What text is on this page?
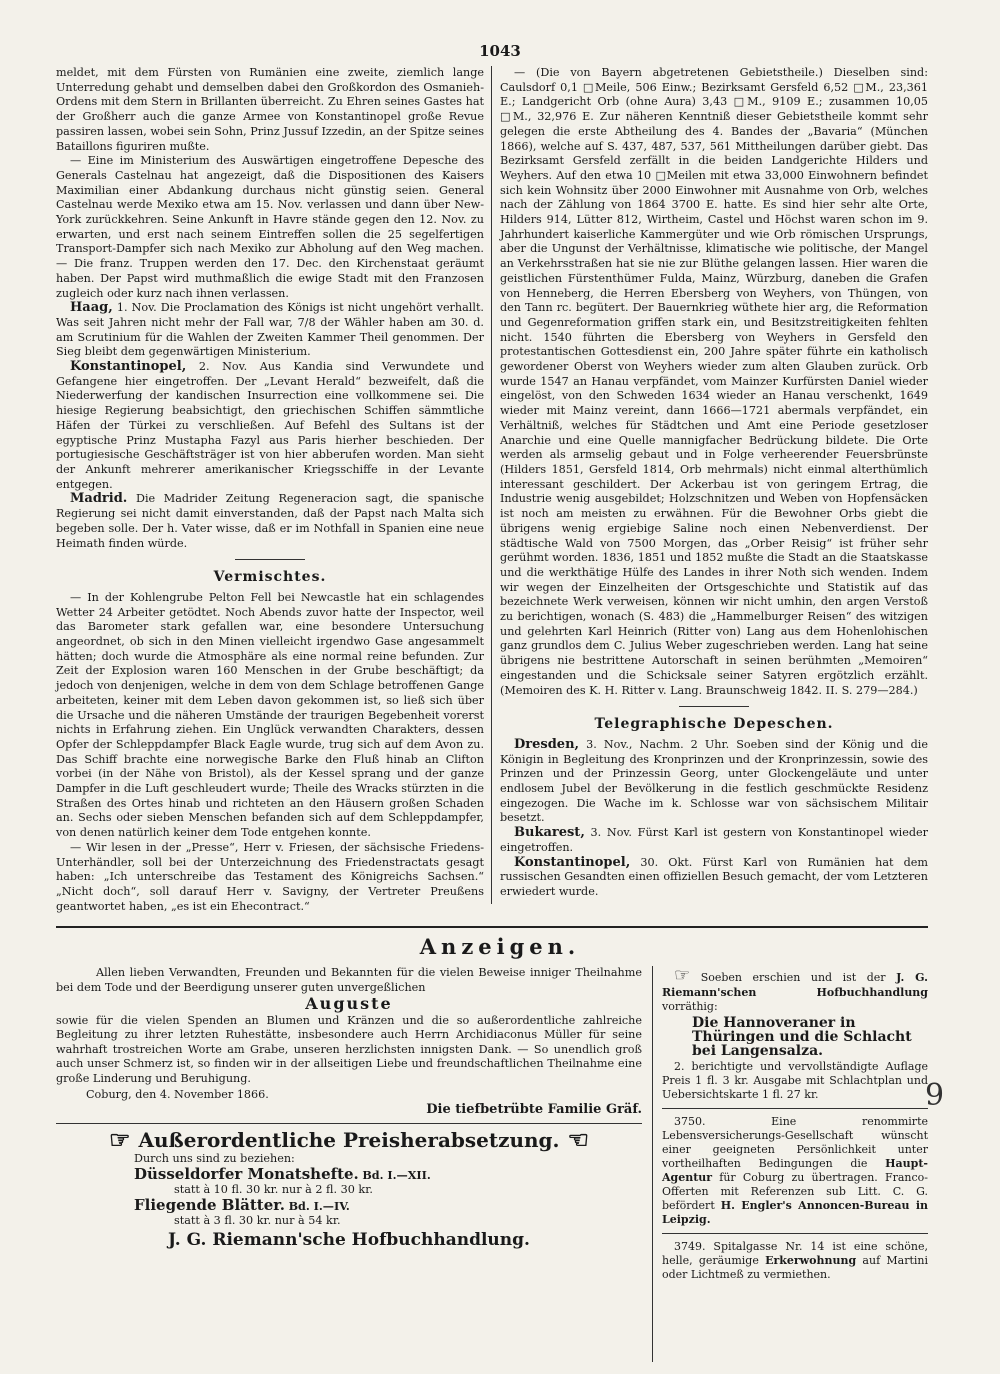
1043

meldet, mit dem Fürsten von Rumänien eine zweite, ziemlich lange Unterredung gehabt und demselben dabei den Großkordon des Osmanieh-Ordens mit dem Stern in Brillanten überreicht. Zu Ehren seines Gastes hat der Großherr auch die ganze Armee von Konstantinopel große Revue passiren lassen, wobei sein Sohn, Prinz Jussuf Izzedin, an der Spitze seines Bataillons figuriren mußte.

— Eine im Ministerium des Auswärtigen eingetroffene Depesche des Generals Castelnau hat angezeigt, daß die Dispositionen des Kaisers Maximilian einer Abdankung durchaus nicht günstig seien. General Castelnau werde Mexiko etwa am 15. Nov. verlassen und dann über New-York zurückkehren. Seine Ankunft in Havre stände gegen den 12. Nov. zu erwarten, und erst nach seinem Eintreffen sollen die 25 segelfertigen Transport-Dampfer sich nach Mexiko zur Abholung auf den Weg machen. — Die franz. Truppen werden den 17. Dec. den Kirchenstaat geräumt haben. Der Papst wird muthmaßlich die ewige Stadt mit den Franzosen zugleich oder kurz nach ihnen verlassen.

Haag, 1. Nov. Die Proclamation des Königs ist nicht ungehört verhallt. Was seit Jahren nicht mehr der Fall war, 7/8 der Wähler haben am 30. d. am Scrutinium für die Wahlen der Zweiten Kammer Theil genommen. Der Sieg bleibt dem gegenwärtigen Ministerium.

Konstantinopel, 2. Nov. Aus Kandia sind Verwundete und Gefangene hier eingetroffen. Der „Levant Herald“ bezweifelt, daß die Niederwerfung der kandischen Insurrection eine vollkommene sei. Die hiesige Regierung beabsichtigt, den griechischen Schiffen sämmtliche Häfen der Türkei zu verschließen. Auf Befehl des Sultans ist der egyptische Prinz Mustapha Fazyl aus Paris hierher beschieden. Der portugiesische Geschäftsträger ist von hier abberufen worden. Man sieht der Ankunft mehrerer amerikanischer Kriegsschiffe in der Levante entgegen.

Madrid. Die Madrider Zeitung Regeneracion sagt, die spanische Regierung sei nicht damit einverstanden, daß der Papst nach Malta sich begeben solle. Der h. Vater wisse, daß er im Nothfall in Spanien eine neue Heimath finden würde.

Vermischtes.

— In der Kohlengrube Pelton Fell bei Newcastle hat ein schlagendes Wetter 24 Arbeiter getödtet. Noch Abends zuvor hatte der Inspector, weil das Barometer stark gefallen war, eine besondere Untersuchung angeordnet, ob sich in den Minen vielleicht irgendwo Gase angesammelt hätten; doch wurde die Atmosphäre als eine normal reine befunden. Zur Zeit der Explosion waren 160 Menschen in der Grube beschäftigt; da jedoch von denjenigen, welche in dem von dem Schlage betroffenen Gange arbeiteten, keiner mit dem Leben davon gekommen ist, so ließ sich über die Ursache und die näheren Umstände der traurigen Begebenheit vorerst nichts in Erfahrung ziehen. Ein Unglück verwandten Charakters, dessen Opfer der Schleppdampfer Black Eagle wurde, trug sich auf dem Avon zu. Das Schiff brachte eine norwegische Barke den Fluß hinab an Clifton vorbei (in der Nähe von Bristol), als der Kessel sprang und der ganze Dampfer in die Luft geschleudert wurde; Theile des Wracks stürzten in die Straßen des Ortes hinab und richteten an den Häusern großen Schaden an. Sechs oder sieben Menschen befanden sich auf dem Schleppdampfer, von denen natürlich keiner dem Tode entgehen konnte.

— Wir lesen in der „Presse“, Herr v. Friesen, der sächsische Friedens-Unterhändler, soll bei der Unterzeichnung des Friedenstractats gesagt haben: „Ich unterschreibe das Testament des Königreichs Sachsen.“ „Nicht doch“, soll darauf Herr v. Savigny, der Vertreter Preußens geantwortet haben, „es ist ein Ehecontract.“

— (Die von Bayern abgetretenen Gebietstheile.) Dieselben sind: Caulsdorf 0,1 □Meile, 506 Einw.; Bezirksamt Gersfeld 6,52 □M., 23,361 E.; Landgericht Orb (ohne Aura) 3,43 □M., 9109 E.; zusammen 10,05 □M., 32,976 E. Zur näheren Kenntniß dieser Gebietstheile kommt sehr gelegen die erste Abtheilung des 4. Bandes der „Bavaria“ (München 1866), welche auf S. 437, 487, 537, 561 Mittheilungen darüber giebt. Das Bezirksamt Gersfeld zerfällt in die beiden Landgerichte Hilders und Weyhers. Auf den etwa 10 □Meilen mit etwa 33,000 Einwohnern befindet sich kein Wohnsitz über 2000 Einwohner mit Ausnahme von Orb, welches nach der Zählung von 1864 3700 E. hatte. Es sind hier sehr alte Orte, Hilders 914, Lütter 812, Wirtheim, Castel und Höchst waren schon im 9. Jahrhundert kaiserliche Kammergüter und wie Orb römischen Ursprungs, aber die Ungunst der Verhältnisse, klimatische wie politische, der Mangel an Verkehrsstraßen hat sie nie zur Blüthe gelangen lassen. Hier waren die geistlichen Fürstenthümer Fulda, Mainz, Würzburg, daneben die Grafen von Henneberg, die Herren Ebersberg von Weyhers, von Thüngen, von den Tann rc. begütert. Der Bauernkrieg wüthete hier arg, die Reformation und Gegenreformation griffen stark ein, und Besitzstreitigkeiten fehlten nicht. 1540 führten die Ebersberg von Weyhers in Gersfeld den protestantischen Gottesdienst ein, 200 Jahre später führte ein katholisch gewordener Oberst von Weyhers wieder zum alten Glauben zurück. Orb wurde 1547 an Hanau verpfändet, vom Mainzer Kurfürsten Daniel wieder eingelöst, von den Schweden 1634 wieder an Hanau verschenkt, 1649 wieder mit Mainz vereint, dann 1666—1721 abermals verpfändet, ein Verhältniß, welches für Städtchen und Amt eine Periode gesetzloser Anarchie und eine Quelle mannigfacher Bedrückung bildete. Die Orte werden als armselig gebaut und in Folge verheerender Feuersbrünste (Hilders 1851, Gersfeld 1814, Orb mehrmals) nicht einmal alterthümlich interessant geschildert. Der Ackerbau ist von geringem Ertrag, die Industrie wenig ausgebildet; Holzschnitzen und Weben von Hopfensäcken ist noch am meisten zu erwähnen. Für die Bewohner Orbs giebt die übrigens wenig ergiebige Saline noch einen Nebenverdienst. Der städtische Wald von 7500 Morgen, das „Orber Reisig“ ist früher sehr gerühmt worden. 1836, 1851 und 1852 mußte die Stadt an die Staatskasse und die werkthätige Hülfe des Landes in ihrer Noth sich wenden. Indem wir wegen der Einzelheiten der Ortsgeschichte und Statistik auf das bezeichnete Werk verweisen, können wir nicht umhin, den argen Verstoß zu berichtigen, wonach (S. 483) die „Hammelburger Reisen“ des witzigen und gelehrten Karl Heinrich (Ritter von) Lang aus dem Hohenlohischen ganz grundlos dem C. Julius Weber zugeschrieben werden. Lang hat seine übrigens nie bestrittene Autorschaft in seinen berühmten „Memoiren“ eingestanden und die Schicksale seiner Satyren ergötzlich erzählt. (Memoiren des K. H. Ritter v. Lang. Braunschweig 1842. II. S. 279—284.)

Telegraphische Depeschen.

Dresden, 3. Nov., Nachm. 2 Uhr. Soeben sind der König und die Königin in Begleitung des Kronprinzen und der Kronprinzessin, sowie des Prinzen und der Prinzessin Georg, unter Glockengeläute und unter endlosem Jubel der Bevölkerung in die festlich geschmückte Residenz eingezogen. Die Wache im k. Schlosse war von sächsischem Militair besetzt.

Bukarest, 3. Nov. Fürst Karl ist gestern von Konstantinopel wieder eingetroffen.

Konstantinopel, 30. Okt. Fürst Karl von Rumänien hat dem russischen Gesandten einen offiziellen Besuch gemacht, der vom Letzteren erwiedert wurde.

Anzeigen.

Allen lieben Verwandten, Freunden und Bekannten für die vielen Beweise inniger Theilnahme bei dem Tode und der Beerdigung unserer guten unvergeßlichen

Auguste

sowie für die vielen Spenden an Blumen und Kränzen und die so außerordentliche zahlreiche Begleitung zu ihrer letzten Ruhestätte, insbesondere auch Herrn Archidiaconus Müller für seine wahrhaft trostreichen Worte am Grabe, unseren herzlichsten innigsten Dank. — So unendlich groß auch unser Schmerz ist, so finden wir in der allseitigen Liebe und freundschaftlichen Theilnahme eine große Linderung und Beruhigung.

Coburg, den 4. November 1866.
Die tiefbetrübte Familie Gräf.
☞ Außerordentliche Preisherabsetzung. ☜
Durch uns sind zu beziehen:
Düsseldorfer Monatshefte. Bd. I.—XII.
statt à 10 fl. 30 kr. nur à 2 fl. 30 kr.
Fliegende Blätter. Bd. I.—IV.
statt à 3 fl. 30 kr. nur à 54 kr.
J. G. Riemann'sche Hofbuchhandlung.

☞ Soeben erschien und ist der J. G. Riemann'schen Hofbuchhandlung vorräthig:

Die Hannoveraner in Thüringen und die Schlacht bei Langensalza.

2. berichtigte und vervollständigte Auflage Preis 1 fl. 3 kr. Ausgabe mit Schlachtplan und Uebersichtskarte 1 fl. 27 kr.

3750. Eine renommirte Lebensversicherungs-Gesellschaft wünscht einer geeigneten Persönlichkeit unter vortheilhaften Bedingungen die Haupt-Agentur für Coburg zu übertragen. Franco-Offerten mit Referenzen sub Litt. C. G. befördert H. Engler's Annoncen-Bureau in Leipzig.

3749. Spitalgasse Nr. 14 ist eine schöne, helle, geräumige Erkerwohnung auf Martini oder Lichtmeß zu vermiethen.

9
